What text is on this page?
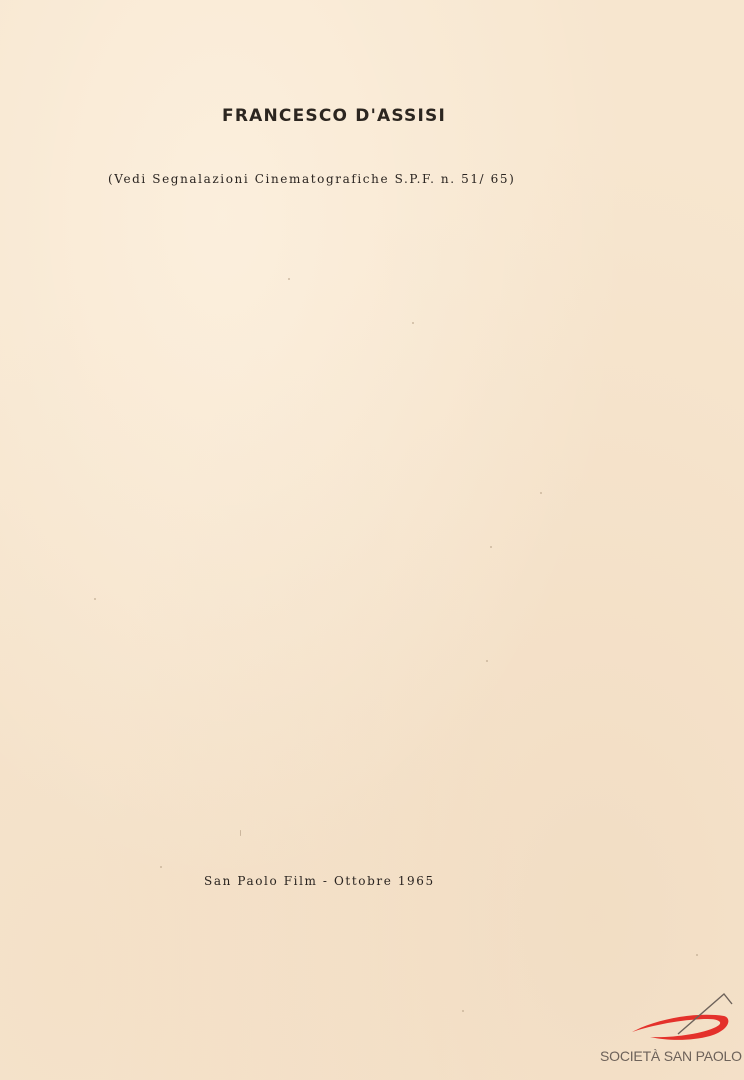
FRANCESCO D'ASSISI
(Vedi Segnalazioni Cinematografiche S.P.F. n. 51/ 65)
San Paolo Film - Ottobre 1965
SOCIETÀ SAN PAOLO
